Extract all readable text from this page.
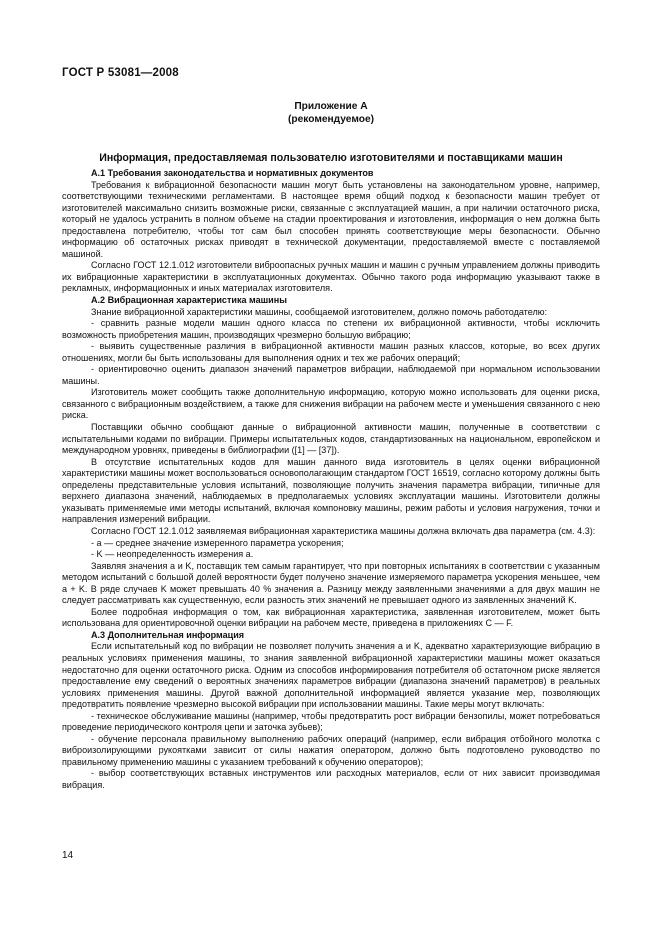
ГОСТ Р 53081—2008
Приложение А
(рекомендуемое)
Информация, предоставляемая пользователю изготовителями и поставщиками машин
А.1 Требования законодательства и нормативных документов

Требования к вибрационной безопасности машин могут быть установлены на законодательном уровне, например, соответствующими техническими регламентами. В настоящее время общий подход к безопасности машин требует от изготовителей максимально снизить возможные риски, связанные с эксплуатацией машин, а при наличии остаточного риска, который не удалось устранить в полном объеме на стадии проектирования и изготовления, информация о нем должна быть предоставлена потребителю, чтобы тот сам был способен принять соответствующие меры безопасности. Обычно информацию об остаточных рисках приводят в технической документации, предоставляемой вместе с поставляемой машиной.

Согласно ГОСТ 12.1.012 изготовители виброопасных ручных машин и машин с ручным управлением должны приводить их вибрационные характеристики в эксплуатационных документах. Обычно такого рода информацию указывают также в рекламных, информационных и иных материалах изготовителя.

А.2 Вибрационная характеристика машины

Знание вибрационной характеристики машины, сообщаемой изготовителем, должно помочь работодателю:

- сравнить разные модели машин одного класса по степени их вибрационной активности, чтобы исключить возможность приобретения машин, производящих чрезмерно большую вибрацию;

- выявить существенные различия в вибрационной активности машин разных классов, которые, во всех других отношениях, могли бы быть использованы для выполнения одних и тех же рабочих операций;

- ориентировочно оценить диапазон значений параметров вибрации, наблюдаемой при нормальном использовании машины.

Изготовитель может сообщить также дополнительную информацию, которую можно использовать для оценки риска, связанного с вибрационным воздействием, а также для снижения вибрации на рабочем месте и уменьшения связанного с нею риска.

Поставщики обычно сообщают данные о вибрационной активности машин, полученные в соответствии с испытательными кодами по вибрации. Примеры испытательных кодов, стандартизованных на национальном, европейском и международном уровнях, приведены в библиографии ([1] — [37]).

В отсутствие испытательных кодов для машин данного вида изготовитель в целях оценки вибрационной характеристики машины может воспользоваться основополагающим стандартом ГОСТ 16519, согласно которому должны быть определены представительные условия испытаний, позволяющие получить значения параметра вибрации, типичные для верхнего диапазона значений, наблюдаемых в предполагаемых условиях эксплуатации машины. Изготовители должны указывать применяемые ими методы испытаний, включая компоновку машины, режим работы и условия нагружения, точки и направления измерений вибрации.

Согласно ГОСТ 12.1.012 заявляемая вибрационная характеристика машины должна включать два параметра (см. 4.3):

- a — среднее значение измеренного параметра ускорения;

- K — неопределенность измерения a.

Заявляя значения a и K, поставщик тем самым гарантирует, что при повторных испытаниях в соответствии с указанным методом испытаний с большой долей вероятности будет получено значение измеряемого параметра ускорения меньшее, чем a + K. В ряде случаев K может превышать 40 % значения a. Разницу между заявленными значениями a для двух машин не следует рассматривать как существенную, если разность этих значений не превышает одного из заявленных значений K.

Более подробная информация о том, как вибрационная характеристика, заявленная изготовителем, может быть использована для ориентировочной оценки вибрации на рабочем месте, приведена в приложениях С — F.

А.3 Дополнительная информация

Если испытательный код по вибрации не позволяет получить значения a и K, адекватно характеризующие вибрацию в реальных условиях применения машины, то знания заявленной вибрационной характеристики машины может оказаться недостаточно для оценки остаточного риска. Одним из способов информирования потребителя об остаточном риске является предоставление ему сведений о вероятных значениях параметров вибрации (диапазона значений параметров) в реальных условиях применения машины. Другой важной дополнительной информацией является указание мер, позволяющих предотвратить появление чрезмерно высокой вибрации при использовании машины. Такие меры могут включать:

- техническое обслуживание машины (например, чтобы предотвратить рост вибрации бензопилы, может потребоваться проведение периодического контроля цепи и заточка зубьев);

- обучение персонала правильному выполнению рабочих операций (например, если вибрация отбойного молотка с виброизолирующими рукоятками зависит от силы нажатия оператором, должно быть подготовлено руководство по правильному применению машины с указанием требований к обучению операторов);

- выбор соответствующих вставных инструментов или расходных материалов, если от них зависит производимая вибрация.

14
